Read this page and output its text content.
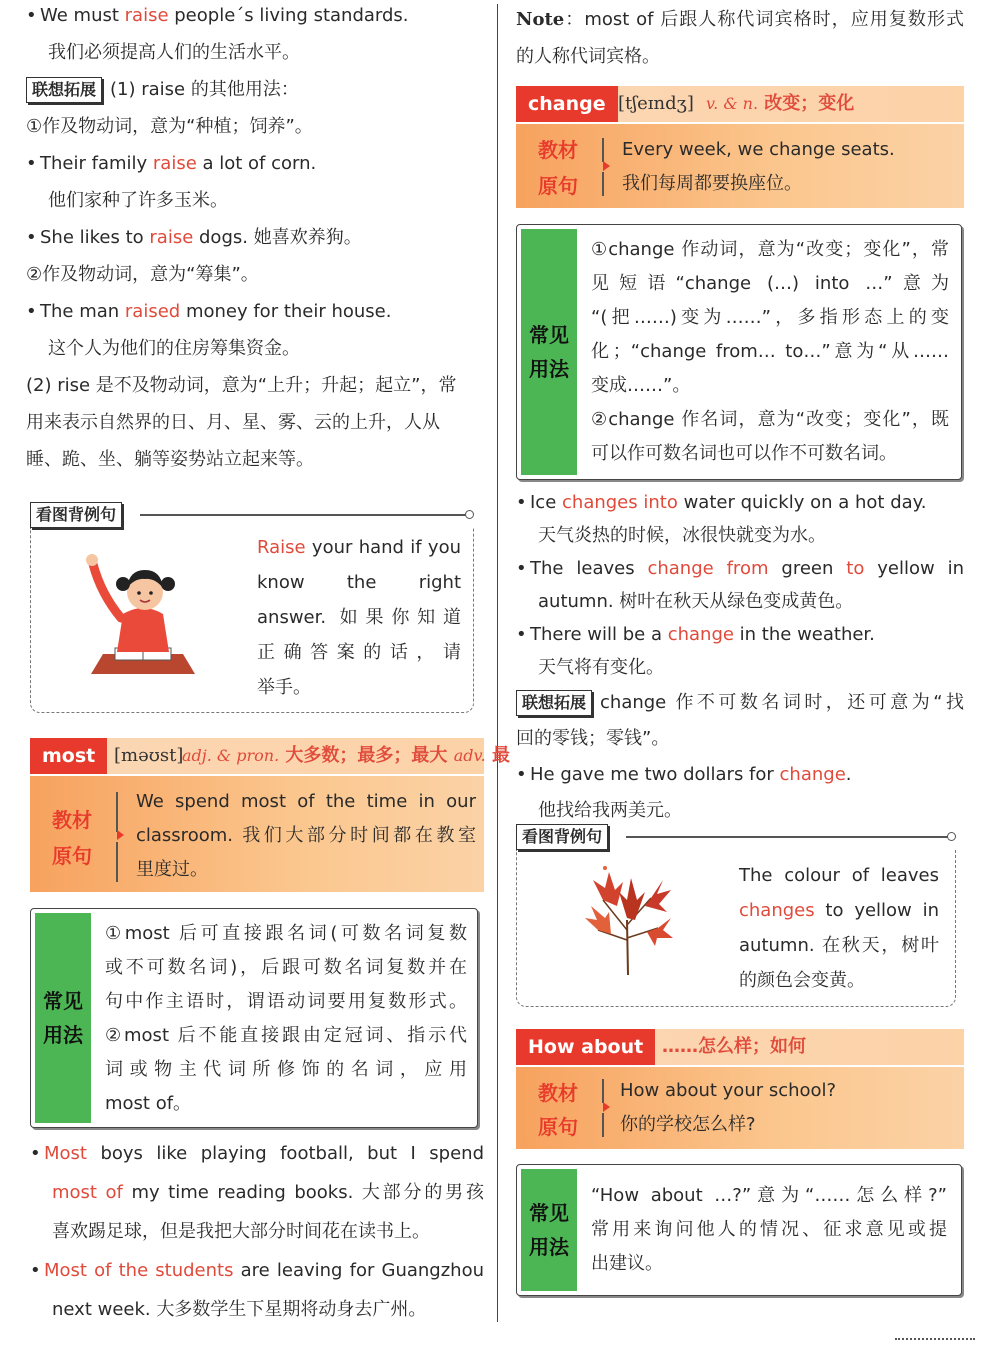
• We must raise people´s living standards.
我们必须提高人们的生活水平。
联想拓展 (1) raise 的其他用法：
①作及物动词，意为“种植；饲养”。
• Their family raise a lot of corn.
他们家种了许多玉米。
• She likes to raise dogs. 她喜欢养狗。
②作及物动词，意为“筹集”。
• The man raised money for their house.
这个人为他们的住房筹集资金。
(2) rise 是不及物动词，意为“上升；升起；起立”，常
用来表示自然界的日、月、星、雾、云的上升，人从
睡、跪、坐、躺等姿势站立起来等。
看图背例句
Raise your hand if you
know the right
answer. 如果你知道
正确答案的话，请
举手。
most	[məʊst]
adj. & pron. 大多数；最多；最大 adv. 最
教材
原句
We spend most of the time in our
classroom. 我们大部分时间都在教室
里度过。
常见
用法
①most 后可直接跟名词(可数名词复数
或不可数名词)，后跟可数名词复数并在
句中作主语时，谓语动词要用复数形式。
②most 后不能直接跟由定冠词、指示代
词或物主代词所修饰的名词，应用
most of。
• Most boys like playing football, but I spend
most of my time reading books. 大部分的男孩
喜欢踢足球，但是我把大部分时间花在读书上。
• Most of the students are leaving for Guangzhou
next week. 大多数学生下星期将动身去广州。
Note：most of 后跟人称代词宾格时，应用复数形式
的人称代词宾格。
change [tʃeɪndʒ] v. & n. 改变；变化
教材
原句
Every week, we change seats.
我们每周都要换座位。
常见
用法
①change 作动词，意为“改变；变化”，常
见短语“change (…) into …”意为
“(把……)变为……”，多指形态上的变
化；“change from… to…”意为“从……
变成……”。
②change 作名词，意为“改变；变化”，既
可以作可数名词也可以作不可数名词。
• Ice changes into water quickly on a hot day.
天气炎热的时候，冰很快就变为水。
• The leaves change from green to yellow in
autumn. 树叶在秋天从绿色变成黄色。
• There will be a change in the weather.
天气将有变化。
联想拓展 change 作不可数名词时，还可意为“找
回的零钱；零钱”。
• He gave me two dollars for change.
他找给我两美元。
看图背例句
The colour of leaves
changes to yellow in
autumn. 在秋天，树叶
的颜色会变黄。
How about	……怎么样；如何
教材
原句
How about your school?
你的学校怎么样?
常见
用法
“How about …?”意为“……怎么样?”
常用来询问他人的情况、征求意见或提
出建议。
